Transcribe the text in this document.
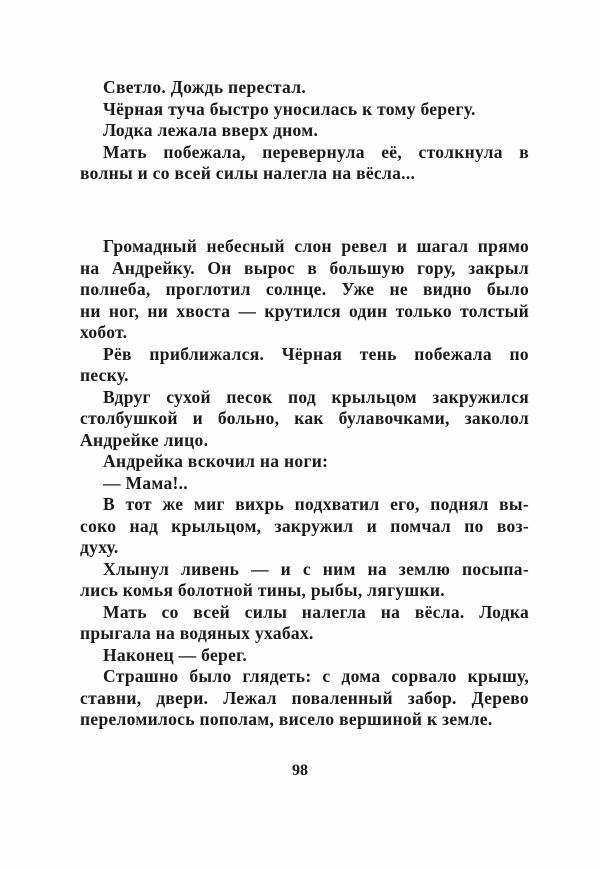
Светло. Дождь перестал.
Чёрная туча быстро уносилась к тому берегу.
Лодка лежала вверх дном.
Мать побежала, перевернула её, столкнула в
волны и со всей силы налегла на вёсла...
Громадный небесный слон ревел и шагал прямо
на Андрейку. Он вырос в большую гору, закрыл
полнеба, проглотил солнце. Уже не видно было
ни ног, ни хвоста — крутился один только толстый
хобот.
Рёв приближался. Чёрная тень побежала по
песку.
Вдруг сухой песок под крыльцом закружился
столбушкой и больно, как булавочками, заколол
Андрейке лицо.
Андрейка вскочил на ноги:
— Мама!..
В тот же миг вихрь подхватил его, поднял вы-
соко над крыльцом, закружил и помчал по воз-
духу.
Хлынул ливень — и с ним на землю посыпа-
лись комья болотной тины, рыбы, лягушки.
Мать со всей силы налегла на вёсла. Лодка
прыгала на водяных ухабах.
Наконец — берег.
Страшно было глядеть: с дома сорвало крышу,
ставни, двери. Лежал поваленный забор. Дерево
переломилось пополам, висело вершиной к земле.
98
